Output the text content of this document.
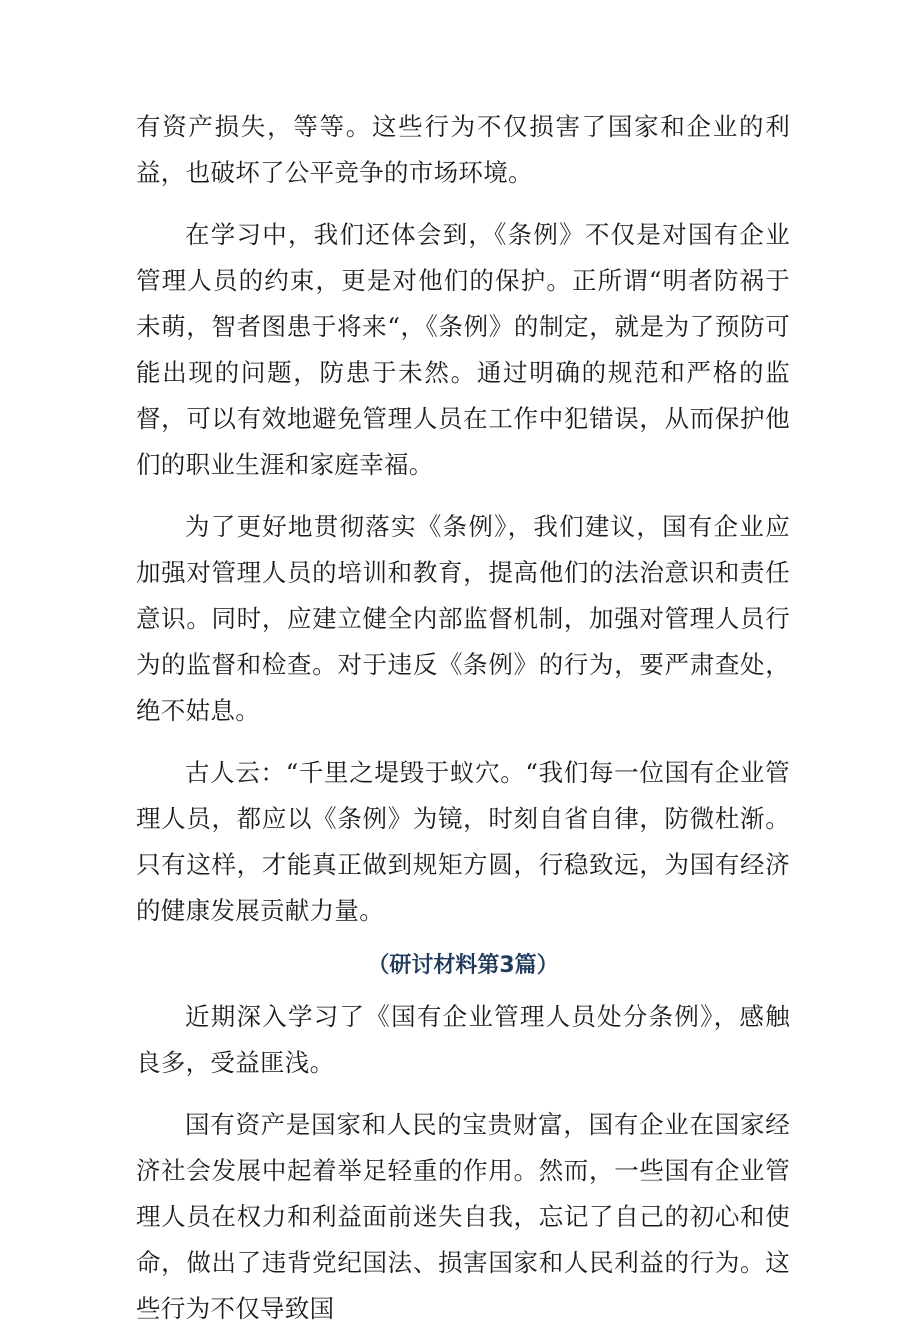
有资产损失，等等。这些行为不仅损害了国家和企业的利益，也破坏了公平竞争的市场环境。

在学习中，我们还体会到，《条例》不仅是对国有企业管理人员的约束，更是对他们的保护。正所谓“明者防祸于未萌，智者图患于将来“，《条例》的制定，就是为了预防可能出现的问题，防患于未然。通过明确的规范和严格的监督，可以有效地避免管理人员在工作中犯错误，从而保护他们的职业生涯和家庭幸福。

为了更好地贯彻落实《条例》，我们建议，国有企业应加强对管理人员的培训和教育，提高他们的法治意识和责任意识。同时，应建立健全内部监督机制，加强对管理人员行为的监督和检查。对于违反《条例》的行为，要严肃查处，绝不姑息。

古人云：“千里之堤毁于蚁穴。“我们每一位国有企业管理人员，都应以《条例》为镜，时刻自省自律，防微杜渐。只有这样，才能真正做到规矩方圆，行稳致远，为国有经济的健康发展贡献力量。

（研讨材料第3篇）

近期深入学习了《国有企业管理人员处分条例》，感触良多，受益匪浅。

国有资产是国家和人民的宝贵财富，国有企业在国家经济社会发展中起着举足轻重的作用。然而，一些国有企业管理人员在权力和利益面前迷失自我，忘记了自己的初心和使命，做出了违背党纪国法、损害国家和人民利益的行为。这些行为不仅导致国
